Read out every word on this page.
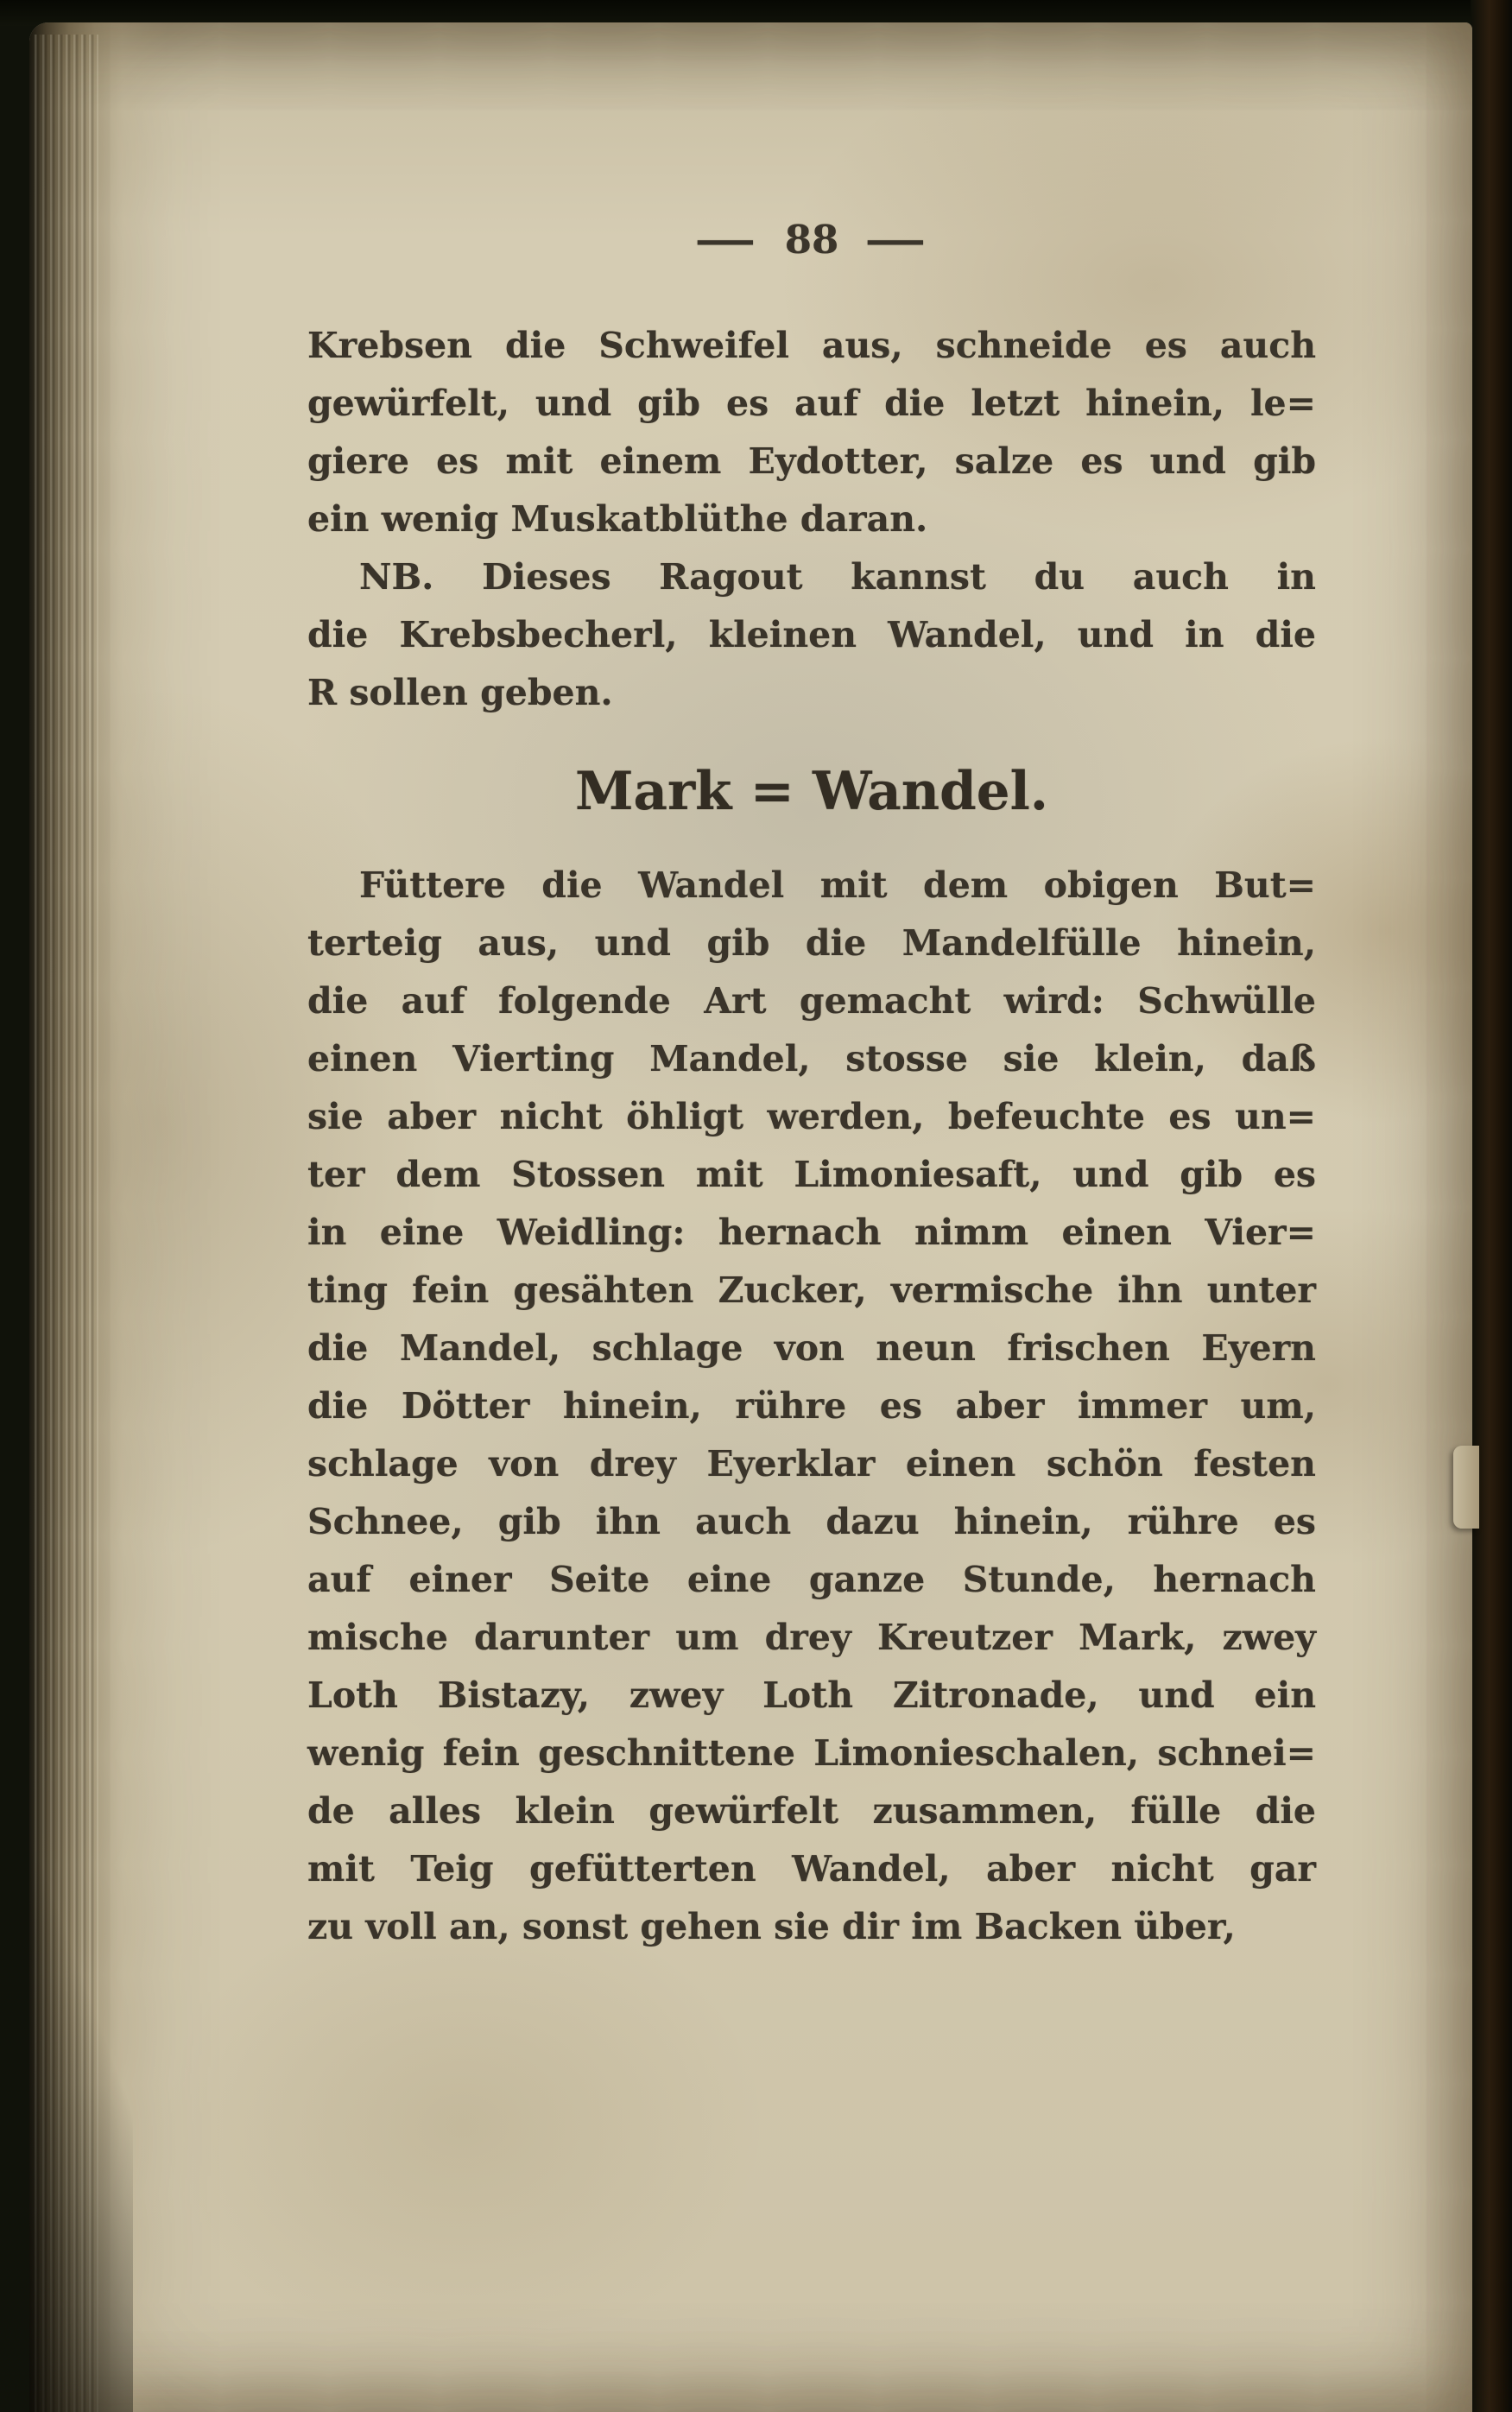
— 88 —
Krebsen die Schweifel aus, schneide es auch
gewürfelt, und gib es auf die letzt hinein, le=
giere es mit einem Eydotter, salze es und gib
ein wenig Muskatblüthe daran.
NB. Dieses Ragout kannst du auch in
die Krebsbecherl, kleinen Wandel, und in die
R sollen geben.
Mark = Wandel.
Füttere die Wandel mit dem obigen But=
terteig aus, und gib die Mandelfülle hinein,
die auf folgende Art gemacht wird: Schwülle
einen Vierting Mandel, stosse sie klein, daß
sie aber nicht öhligt werden, befeuchte es un=
ter dem Stossen mit Limoniesaft, und gib es
in eine Weidling: hernach nimm einen Vier=
ting fein gesähten Zucker, vermische ihn unter
die Mandel, schlage von neun frischen Eyern
die Dötter hinein, rühre es aber immer um,
schlage von drey Eyerklar einen schön festen
Schnee, gib ihn auch dazu hinein, rühre es
auf einer Seite eine ganze Stunde, hernach
mische darunter um drey Kreutzer Mark, zwey
Loth Bistazy, zwey Loth Zitronade, und ein
wenig fein geschnittene Limonieschalen, schnei=
de alles klein gewürfelt zusammen, fülle die
mit Teig gefütterten Wandel, aber nicht gar
zu voll an, sonst gehen sie dir im Backen über,
